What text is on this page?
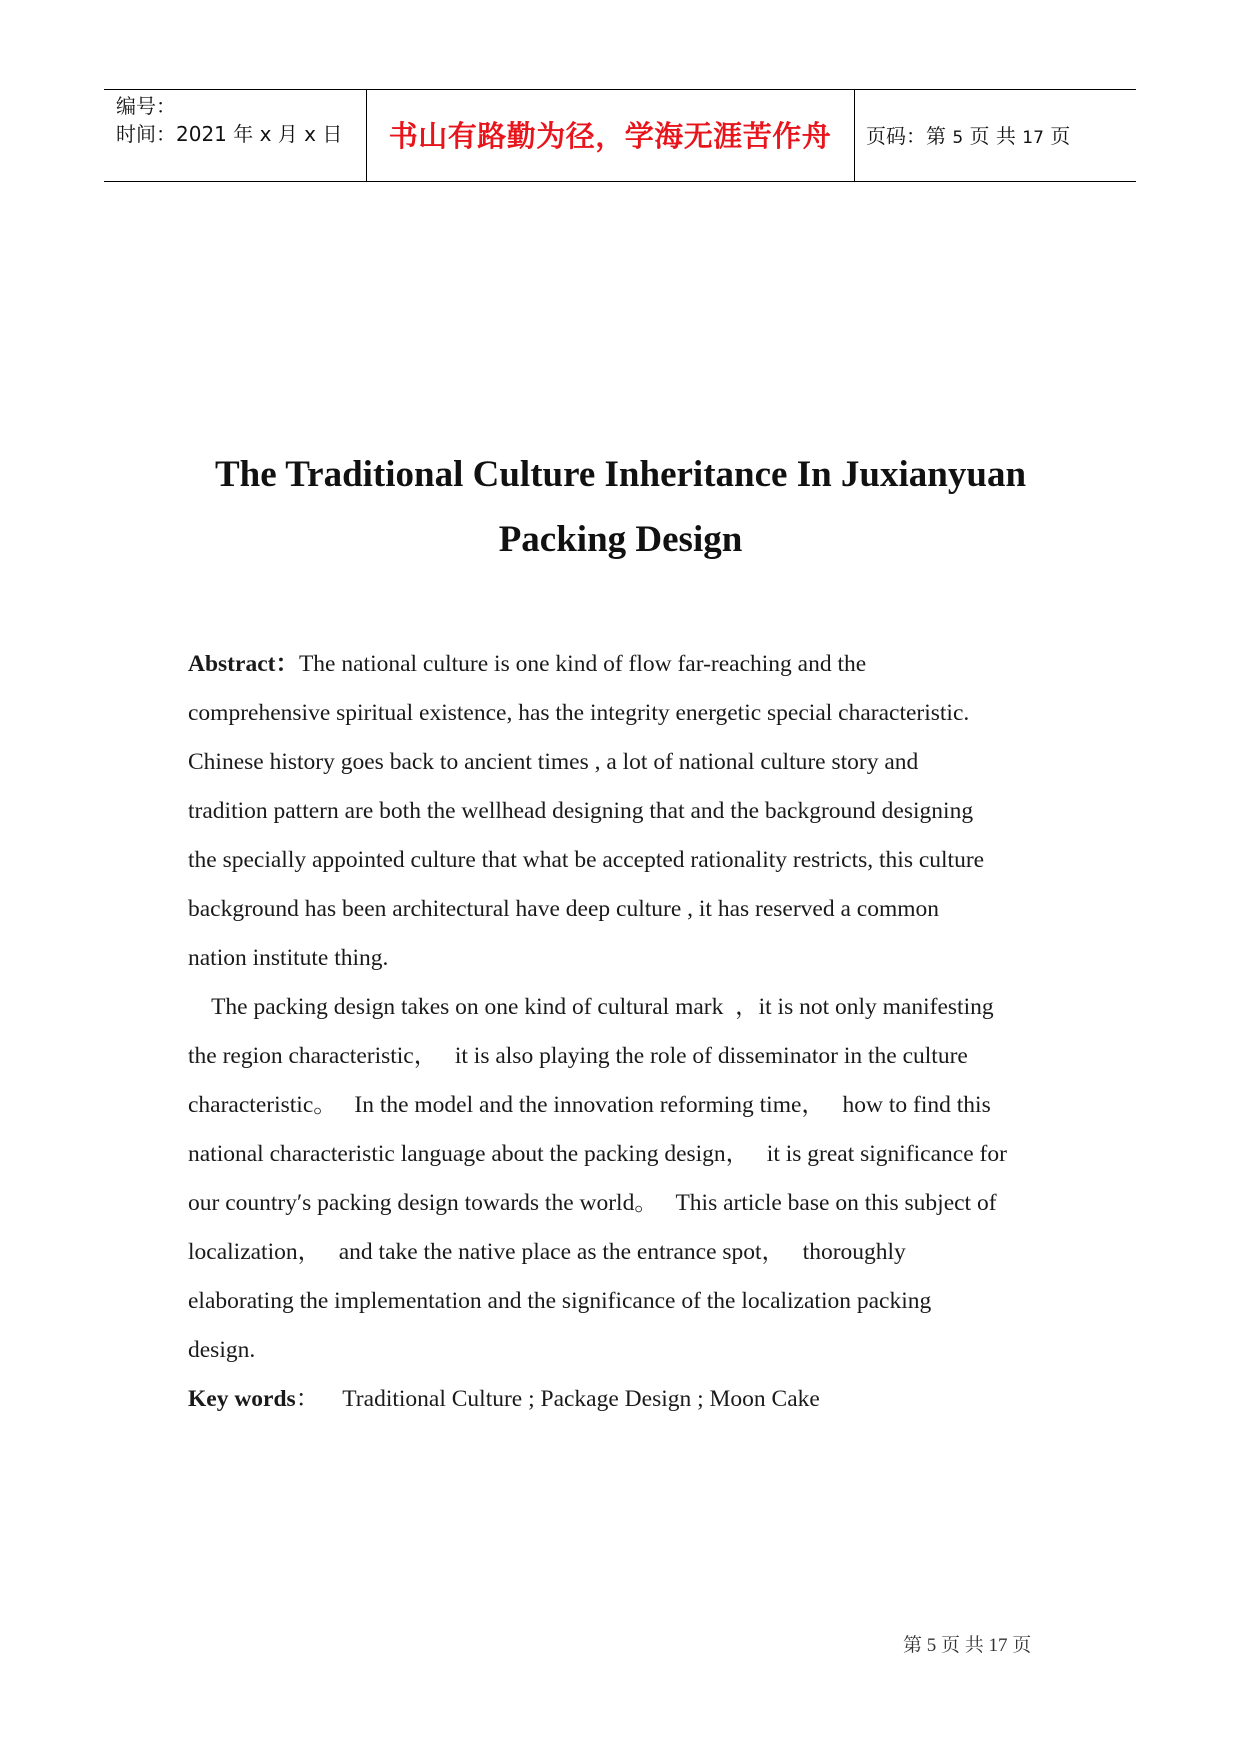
编号：
时间：2021 年 x 月 x 日	书山有路勤为径，学海无涯苦作舟	页码：第 5 页 共 17 页
The Traditional Culture Inheritance In Juxianyuan
Packing Design
Abstract：The national culture is one kind of flow far-reaching and the
comprehensive spiritual existence, has the integrity energetic special characteristic.
Chinese history goes back to ancient times , a lot of national culture story and
tradition pattern are both the wellhead designing that and the background designing
the specially appointed culture that what be accepted rationality restricts, this culture
background has been architectural have deep culture , it has reserved a common
nation institute thing.
The packing design takes on one kind of cultural mark  ，it is not only manifesting
the region characteristic，   it is also playing the role of disseminator in the culture
characteristic。   In the model and the innovation reforming time，   how to find this
national characteristic language about the packing design，   it is great significance for
our country′s packing design towards the world。   This article base on this subject of
localization，   and take the native place as the entrance spot，   thoroughly
elaborating the implementation and the significance of the localization packing
design.
Key words：    Traditional Culture ; Package Design ; Moon Cake
第 5 页 共 17 页
